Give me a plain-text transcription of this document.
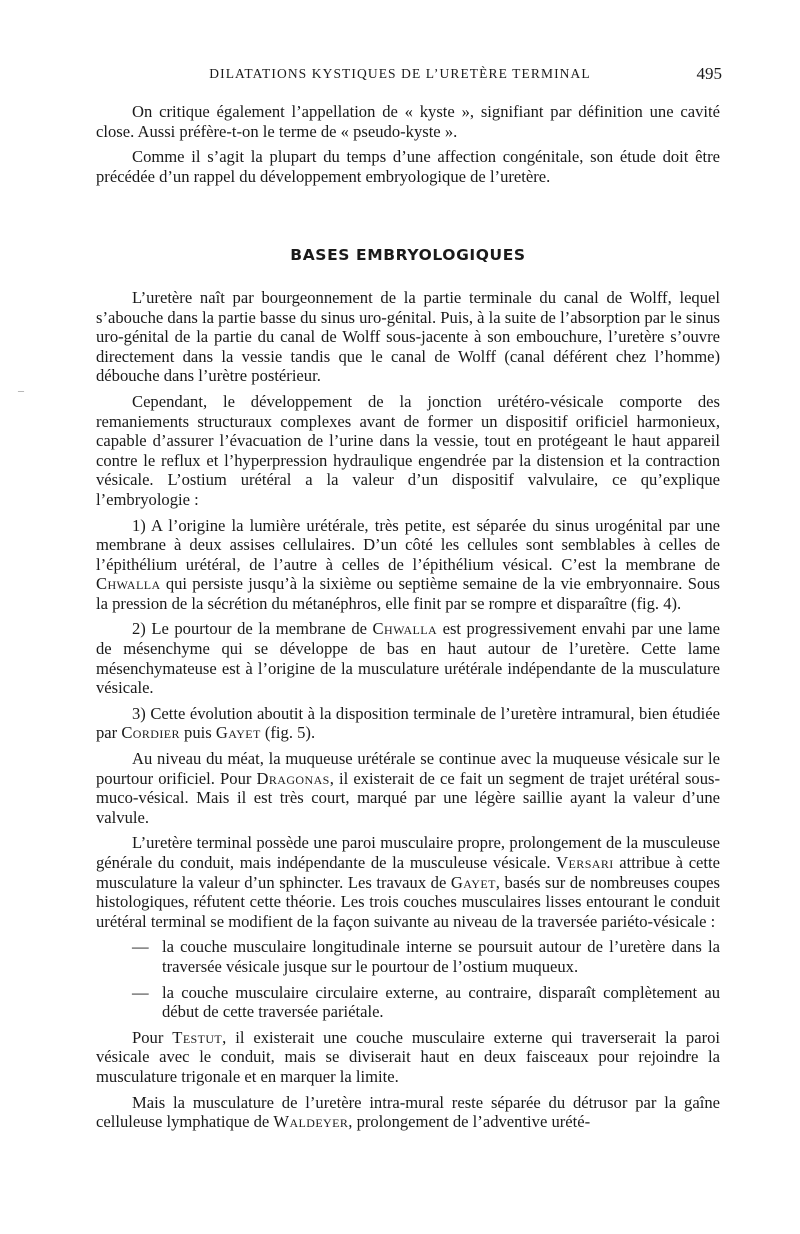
DILATATIONS KYSTIQUES DE L’URETÈRE TERMINAL	495
–

On critique également l’appellation de « kyste », signifiant par définition une cavité close. Aussi préfère-t-on le terme de « pseudo-kyste ».

Comme il s’agit la plupart du temps d’une affection congénitale, son étude doit être précédée d’un rappel du développement embryologique de l’uretère.

BASES EMBRYOLOGIQUES

L’uretère naît par bourgeonnement de la partie terminale du canal de Wolff, lequel s’abouche dans la partie basse du sinus uro-génital. Puis, à la suite de l’absorption par le sinus uro-génital de la partie du canal de Wolff sous-jacente à son embouchure, l’uretère s’ouvre directement dans la vessie tandis que le canal de Wolff (canal déférent chez l’homme) débouche dans l’urètre postérieur.

Cependant, le développement de la jonction urétéro-vésicale comporte des remaniements structuraux complexes avant de former un dispositif orificiel harmonieux, capable d’assurer l’évacuation de l’urine dans la vessie, tout en protégeant le haut appareil contre le reflux et l’hyperpression hydraulique engendrée par la distension et la contraction vésicale. L’ostium urétéral a la valeur d’un dispositif valvulaire, ce qu’explique l’embryologie :

1) A l’origine la lumière urétérale, très petite, est séparée du sinus urogénital par une membrane à deux assises cellulaires. D’un côté les cellules sont semblables à celles de l’épithélium urétéral, de l’autre à celles de l’épithélium vésical. C’est la membrane de Chwalla qui persiste jusqu’à la sixième ou septième semaine de la vie embryonnaire. Sous la pression de la sécrétion du métanéphros, elle finit par se rompre et disparaître (fig. 4).

2) Le pourtour de la membrane de Chwalla est progressivement envahi par une lame de mésenchyme qui se développe de bas en haut autour de l’uretère. Cette lame mésenchymateuse est à l’origine de la musculature urétérale indépendante de la musculature vésicale.

3) Cette évolution aboutit à la disposition terminale de l’uretère intramural, bien étudiée par Cordier puis Gayet (fig. 5).

Au niveau du méat, la muqueuse urétérale se continue avec la muqueuse vésicale sur le pourtour orificiel. Pour Dragonas, il existerait de ce fait un segment de trajet urétéral sous-muco-vésical. Mais il est très court, marqué par une légère saillie ayant la valeur d’une valvule.

L’uretère terminal possède une paroi musculaire propre, prolongement de la musculeuse générale du conduit, mais indépendante de la musculeuse vésicale. Versari attribue à cette musculature la valeur d’un sphincter. Les travaux de Gayet, basés sur de nombreuses coupes histologiques, réfutent cette théorie. Les trois couches musculaires lisses entourant le conduit urétéral terminal se modifient de la façon suivante au niveau de la traversée pariéto-vésicale :

— la couche musculaire longitudinale interne se poursuit autour de l’uretère dans la traversée vésicale jusque sur le pourtour de l’ostium muqueux.
— la couche musculaire circulaire externe, au contraire, disparaît complètement au début de cette traversée pariétale.

Pour Testut, il existerait une couche musculaire externe qui traverserait la paroi vésicale avec le conduit, mais se diviserait haut en deux faisceaux pour rejoindre la musculature trigonale et en marquer la limite.

Mais la musculature de l’uretère intra-mural reste séparée du détrusor par la gaîne celluleuse lymphatique de Waldeyer, prolongement de l’adventive urété-
